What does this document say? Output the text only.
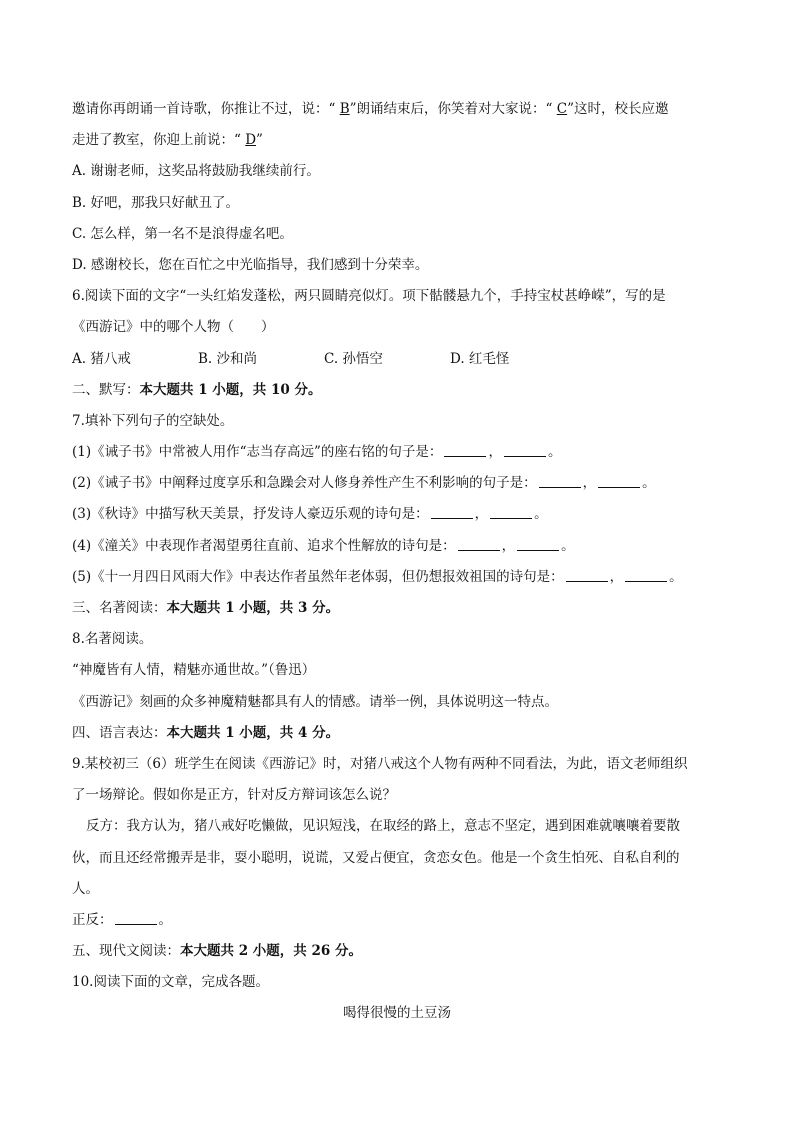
邀请你再朗诵一首诗歌，你推让不过，说：“ B”朗诵结束后，你笑着对大家说：“ C”这时，校长应邀
走进了教室，你迎上前说：“ D”
A. 谢谢老师，这奖品将鼓励我继续前行。
B. 好吧，那我只好献丑了。
C. 怎么样，第一名不是浪得虚名吧。
D. 感谢校长，您在百忙之中光临指导，我们感到十分荣幸。
6.阅读下面的文字“一头红焰发蓬松，两只圆睛亮似灯。项下骷髅悬九个，手持宝杖甚峥嵘”，写的是
《西游记》中的哪个人物（　　）
A. 猪八戒	B. 沙和尚	C. 孙悟空	D. 红毛怪
二、默写：本大题共 1 小题，共 10 分。
7.填补下列句子的空缺处。
(1)《诫子书》中常被人用作“志当存高远”的座右铭的句子是：	，	。
(2)《诫子书》中阐释过度享乐和急躁会对人修身养性产生不利影响的句子是：	，	。
(3)《秋诗》中描写秋天美景，抒发诗人豪迈乐观的诗句是：	，	。
(4)《潼关》中表现作者渴望勇往直前、追求个性解放的诗句是：	，	。
(5)《十一月四日风雨大作》中表达作者虽然年老体弱，但仍想报效祖国的诗句是：	，	。
三、名著阅读：本大题共 1 小题，共 3 分。
8.名著阅读。
“神魔皆有人情，精魅亦通世故。”（鲁迅）
《西游记》刻画的众多神魔精魅都具有人的情感。请举一例，具体说明这一特点。
四、语言表达：本大题共 1 小题，共 4 分。
9.某校初三（6）班学生在阅读《西游记》时，对猪八戒这个人物有两种不同看法，为此，语文老师组织
了一场辩论。假如你是正方，针对反方辩词该怎么说？
反方：我方认为，猪八戒好吃懒做，见识短浅，在取经的路上，意志不坚定，遇到困难就嚷嚷着要散
伙，而且还经常搬弄是非，耍小聪明，说谎，又爱占便宜，贪恋女色。他是一个贪生怕死、自私自利的
人。
正反：	。
五、现代文阅读：本大题共 2 小题，共 26 分。
10.阅读下面的文章，完成各题。
喝得很慢的土豆汤
